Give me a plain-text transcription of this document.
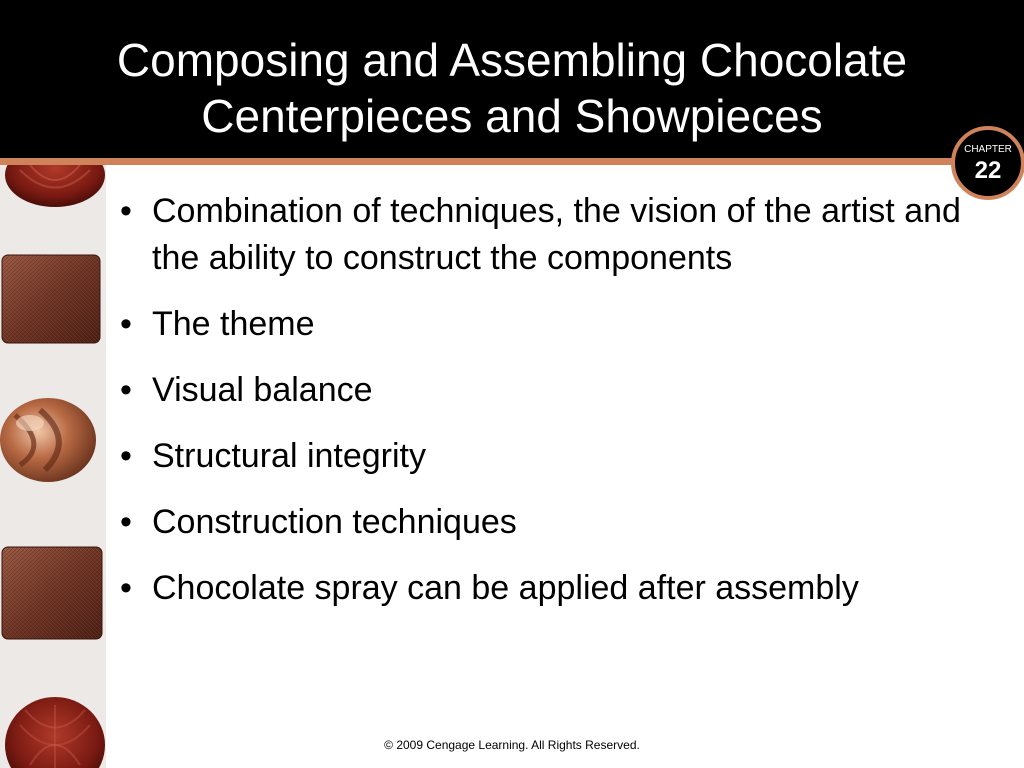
Composing and Assembling Chocolate
Centerpieces and Showpieces
CHAPTER
22
• Combination of techniques, the vision of the artist and the ability to construct the components
• The theme
• Visual balance
• Structural integrity
• Construction techniques
• Chocolate spray can be applied after assembly
© 2009 Cengage Learning. All Rights Reserved.
